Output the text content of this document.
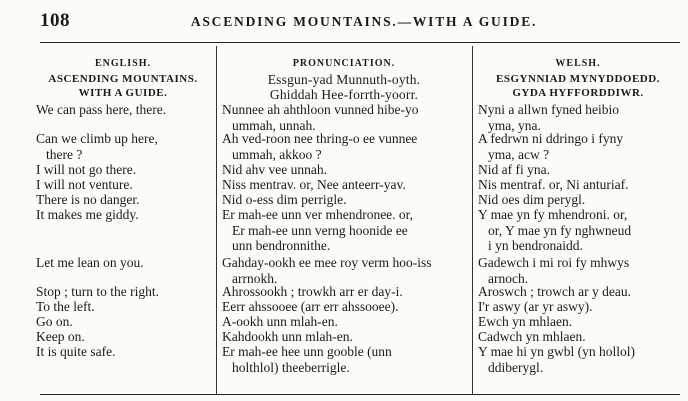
108	ASCENDING MOUNTAINS.—WITH A GUIDE.
ENGLISH.
ASCENDING MOUNTAINS.
WITH A GUIDE.
We can pass here, there.
Can we climb up here,
there ?
I will not go there.
I will not venture.
There is no danger.
It makes me giddy.
Let me lean on you.
Stop ; turn to the right.
To the left.
Go on.
Keep on.
It is quite safe.
PRONUNCIATION.
Essgun-yad Munnuth-oyth.
Ghiddah Hee-forrth-yoorr.
Nunnee ah ahthloon vunned hibe-yo
ummah, unnah.
Ah ved-roon nee thring-o ee vunnee
ummah, akkoo ?
Nid ahv vee unnah.
Niss mentrav. or, Nee anteerr-yav.
Nid o-ess dim perrigle.
Er mah-ee unn ver mhendronee. or,
Er mah-ee unn verng hoonide ee
unn bendronnithe.
Gahday-ookh ee mee roy verm hoo-iss
arrnokh.
Ahrossookh ; trowkh arr er day-i.
Eerr ahssooee (arr err ahssooee).
A-ookh unn mlah-en.
Kahdookh unn mlah-en.
Er mah-ee hee unn gooble (unn
holthlol) theeberrigle.
WELSH.
ESGYNNIAD MYNYDDOEDD.
GYDA HYFFORDDIWR.
Nyni a allwn fyned heibio
yma, yna.
A fedrwn ni ddringo i fyny
yma, acw ?
Nid af fi yna.
Nis mentraf. or, Ni anturiaf.
Nid oes dim perygl.
Y mae yn fy mhendroni. or,
or, Y mae yn fy nghwneud
i yn bendronaidd.
Gadewch i mi roi fy mhwys
arnoch.
Aroswch ; trowch ar y deau.
I'r aswy (ar yr aswy).
Ewch yn mhlaen.
Cadwch yn mhlaen.
Y mae hi yn gwbl (yn hollol)
ddiberygl.
